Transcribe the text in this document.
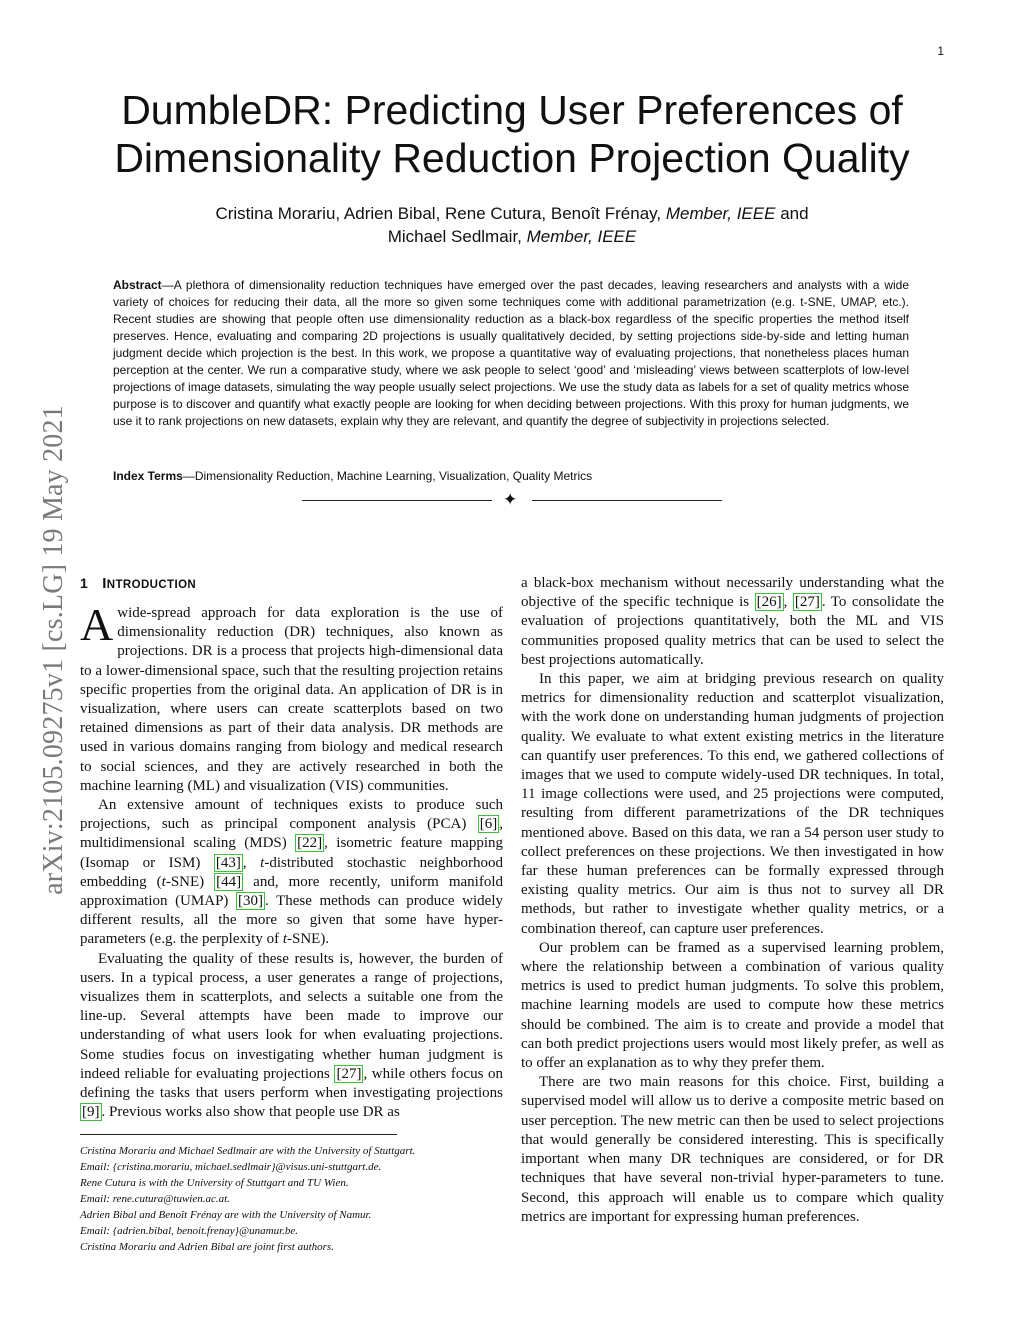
1
arXiv:2105.09275v1 [cs.LG] 19 May 2021
DumbleDR: Predicting User Preferences of Dimensionality Reduction Projection Quality
Cristina Morariu, Adrien Bibal, Rene Cutura, Benoît Frénay, Member, IEEE and
Michael Sedlmair, Member, IEEE
Abstract—A plethora of dimensionality reduction techniques have emerged over the past decades, leaving researchers and analysts with a wide variety of choices for reducing their data, all the more so given some techniques come with additional parametrization (e.g. t-SNE, UMAP, etc.). Recent studies are showing that people often use dimensionality reduction as a black-box regardless of the specific properties the method itself preserves. Hence, evaluating and comparing 2D projections is usually qualitatively decided, by setting projections side-by-side and letting human judgment decide which projection is the best. In this work, we propose a quantitative way of evaluating projections, that nonetheless places human perception at the center. We run a comparative study, where we ask people to select ‘good’ and ‘misleading’ views between scatterplots of low-level projections of image datasets, simulating the way people usually select projections. We use the study data as labels for a set of quality metrics whose purpose is to discover and quantify what exactly people are looking for when deciding between projections. With this proxy for human judgments, we use it to rank projections on new datasets, explain why they are relevant, and quantify the degree of subjectivity in projections selected.
Index Terms—Dimensionality Reduction, Machine Learning, Visualization, Quality Metrics
✦
1 INTRODUCTION

Awide-spread approach for data exploration is the use of dimensionality reduction (DR) techniques, also known as projections. DR is a process that projects high-dimensional data to a lower-dimensional space, such that the resulting projection retains specific properties from the original data. An application of DR is in visualization, where users can create scatterplots based on two retained dimensions as part of their data analysis. DR methods are used in various domains ranging from biology and medical research to social sciences, and they are actively researched in both the machine learning (ML) and visualization (VIS) communities.

An extensive amount of techniques exists to produce such projections, such as principal component analysis (PCA) [6] , multidimensional scaling (MDS) [22] , isometric feature mapping (Isomap or ISM) [43] , t-distributed stochastic neighborhood embedding (t-SNE) [44] and, more recently, uniform manifold approximation (UMAP) [30] . These methods can produce widely different results, all the more so given that some have hyper-parameters (e.g. the perplexity of t-SNE).

Evaluating the quality of these results is, however, the burden of users. In a typical process, a user generates a range of projections, visualizes them in scatterplots, and selects a suitable one from the line-up. Several attempts have been made to improve our understanding of what users look for when evaluating projections. Some studies focus on investigating whether human judgment is indeed reliable for evaluating projections [27] , while others focus on defining the tasks that users perform when investigating projections [9] . Previous works also show that people use DR as

Cristina Morariu and Michael Sedlmair are with the University of Stuttgart.
Email: {cristina.morariu, michael.sedlmair}@visus.uni-stuttgart.de.
Rene Cutura is with the University of Stuttgart and TU Wien.
Email: rene.cutura@tuwien.ac.at.
Adrien Bibal and Benoît Frénay are with the University of Namur.
Email: {adrien.bibal, benoit.frenay}@unamur.be.
Cristina Morariu and Adrien Bibal are joint first authors.

a black-box mechanism without necessarily understanding what the objective of the specific technique is [26] , [27] . To consolidate the evaluation of projections quantitatively, both the ML and VIS communities proposed quality metrics that can be used to select the best projections automatically.

In this paper, we aim at bridging previous research on quality metrics for dimensionality reduction and scatterplot visualization, with the work done on understanding human judgments of projection quality. We evaluate to what extent existing metrics in the literature can quantify user preferences. To this end, we gathered collections of images that we used to compute widely-used DR techniques. In total, 11 image collections were used, and 25 projections were computed, resulting from different parametrizations of the DR techniques mentioned above. Based on this data, we ran a 54 person user study to collect preferences on these projections. We then investigated in how far these human preferences can be formally expressed through existing quality metrics. Our aim is thus not to survey all DR methods, but rather to investigate whether quality metrics, or a combination thereof, can capture user preferences.

Our problem can be framed as a supervised learning problem, where the relationship between a combination of various quality metrics is used to predict human judgments. To solve this problem, machine learning models are used to compute how these metrics should be combined. The aim is to create and provide a model that can both predict projections users would most likely prefer, as well as to offer an explanation as to why they prefer them.

There are two main reasons for this choice. First, building a supervised model will allow us to derive a composite metric based on user perception. The new metric can then be used to select projections that would generally be considered interesting. This is specifically important when many DR techniques are considered, or for DR techniques that have several non-trivial hyper-parameters to tune. Second, this approach will enable us to compare which quality metrics are important for expressing human preferences.
